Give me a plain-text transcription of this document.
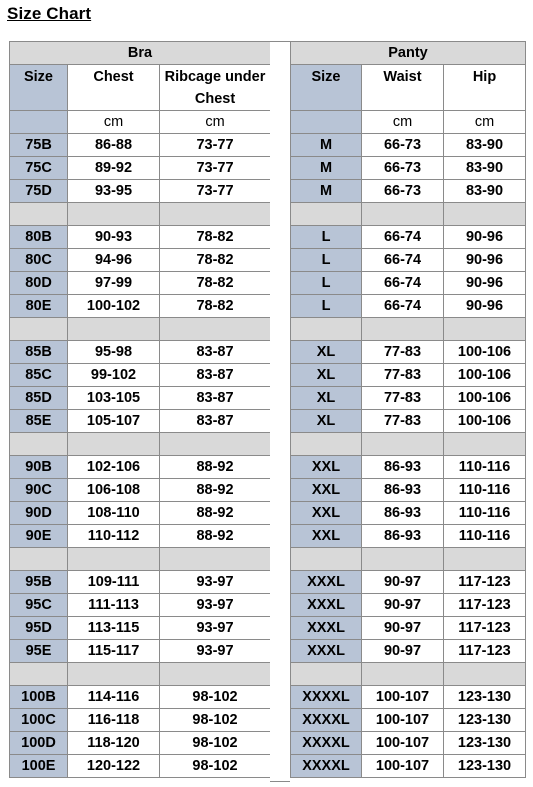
Size Chart
Bra		
Size	Chest	Ribcage under Chest
	cm	cm
75B	86-88	73-77
75C	89-92	73-77
75D	93-95	73-77

80B	90-93	78-82
80C	94-96	78-82
80D	97-99	78-82
80E	100-102	78-82

85B	95-98	83-87
85C	99-102	83-87
85D	103-105	83-87
85E	105-107	83-87

90B	102-106	88-92
90C	106-108	88-92
90D	108-110	88-92
90E	110-112	88-92

95B	109-111	93-97
95C	111-113	93-97
95D	113-115	93-97
95E	115-117	93-97

100B	114-116	98-102
100C	116-118	98-102
100D	118-120	98-102
100E	120-122	98-102
Panty		
Size	Waist	Hip
	cm	cm
M	66-73	83-90
M	66-73	83-90
M	66-73	83-90

L	66-74	90-96
L	66-74	90-96
L	66-74	90-96
L	66-74	90-96

XL	77-83	100-106
XL	77-83	100-106
XL	77-83	100-106
XL	77-83	100-106

XXL	86-93	110-116
XXL	86-93	110-116
XXL	86-93	110-116
XXL	86-93	110-116

XXXL	90-97	117-123
XXXL	90-97	117-123
XXXL	90-97	117-123
XXXL	90-97	117-123

XXXXL	100-107	123-130
XXXXL	100-107	123-130
XXXXL	100-107	123-130
XXXXL	100-107	123-130
